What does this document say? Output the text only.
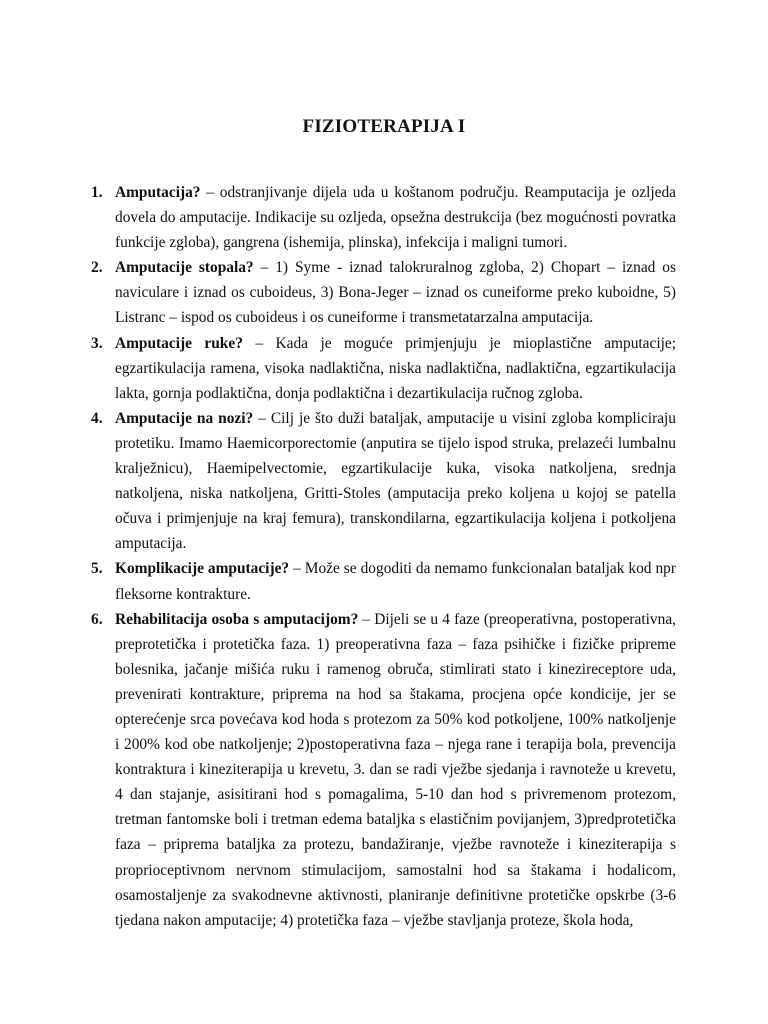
FIZIOTERAPIJA I
1. Amputacija? – odstranjivanje dijela uda u koštanom području. Reamputacija je ozljeda dovela do amputacije. Indikacije su ozljeda, opsežna destrukcija (bez mogućnosti povratka funkcije zgloba), gangrena (ishemija, plinska), infekcija i maligni tumori.
2. Amputacije stopala? – 1) Syme - iznad talokruralnog zgloba, 2) Chopart – iznad os naviculare i iznad os cuboideus, 3) Bona-Jeger – iznad os cuneiforme preko kuboidne, 5) Listranc – ispod os cuboideus i os cuneiforme i transmetatarzalna amputacija.
3. Amputacije ruke? – Kada je moguće primjenjuju je mioplastične amputacije; egzartikulacija ramena, visoka nadlaktična, niska nadlaktična, nadlaktična, egzartikulacija lakta, gornja podlaktična, donja podlaktična i dezartikulacija ručnog zgloba.
4. Amputacije na nozi? – Cilj je što duži bataljak, amputacije u visini zgloba kompliciraju protetiku. Imamo Haemicorporectomie (anputira se tijelo ispod struka, prelazeći lumbalnu kralježnicu), Haemipelvectomie, egzartikulacije kuka, visoka natkoljena, srednja natkoljena, niska natkoljena, Gritti-Stoles (amputacija preko koljena u kojoj se patella očuva i primjenjuje na kraj femura), transkondilarna, egzartikulacija koljena i potkoljena amputacija.
5. Komplikacije amputacije? – Može se dogoditi da nemamo funkcionalan bataljak kod npr fleksorne kontrakture.
6. Rehabilitacija osoba s amputacijom? – Dijeli se u 4 faze (preoperativna, postoperativna, preprotetička i protetička faza. 1) preoperativna faza – faza psihičke i fizičke pripreme bolesnika, jačanje mišića ruku i ramenog obruča, stimlirati stato i kinezireceptore uda, prevenirati kontrakture, priprema na hod sa štakama, procjena opće kondicije, jer se opterećenje srca povećava kod hoda s protezom za 50% kod potkoljene, 100% natkoljenje i 200% kod obe natkoljenje; 2)postoperativna faza – njega rane i terapija bola, prevencija kontraktura i kineziterapija u krevetu, 3. dan se radi vježbe sjedanja i ravnoteže u krevetu, 4 dan stajanje, asisitirani hod s pomagalima, 5-10 dan hod s privremenom protezom, tretman fantomske boli i tretman edema bataljka s elastičnim povijanjem, 3)predprotetička faza – priprema bataljka za protezu, bandažiranje, vježbe ravnoteže i kineziterapija s proprioceptivnom nervnom stimulacijom, samostalni hod sa štakama i hodalicom, osamostaljenje za svakodnevne aktivnosti, planiranje definitivne protetičke opskrbe (3-6 tjedana nakon amputacije; 4) protetička faza – vježbe stavljanja proteze, škola hoda,
